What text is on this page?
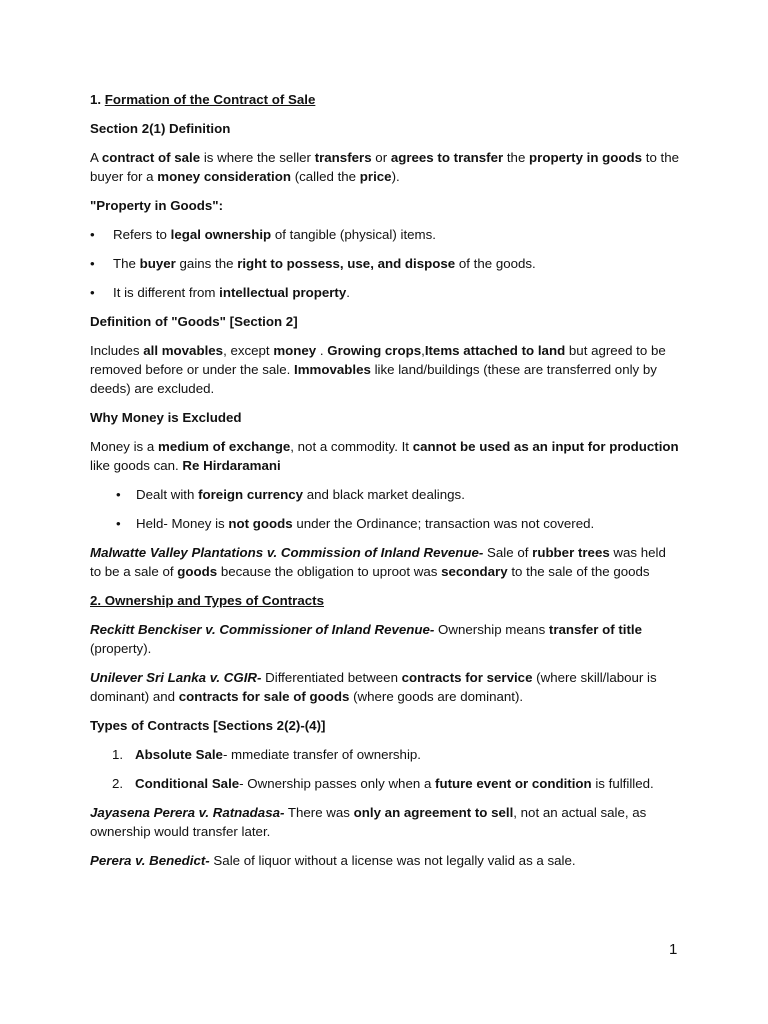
1. Formation of the Contract of Sale

Section 2(1) Definition

A contract of sale is where the seller transfers or agrees to transfer the property in goods to the buyer for a money consideration (called the price).

"Property in Goods":

• Refers to legal ownership of tangible (physical) items.
• The buyer gains the right to possess, use, and dispose of the goods.
• It is different from intellectual property.

Definition of "Goods" [Section 2]

Includes all movables, except money . Growing crops,Items attached to land but agreed to be removed before or under the sale. Immovables like land/buildings (these are transferred only by deeds) are excluded.

Why Money is Excluded

Money is a medium of exchange, not a commodity. It cannot be used as an input for production like goods can. Re Hirdaramani

• Dealt with foreign currency and black market dealings.
• Held- Money is not goods under the Ordinance; transaction was not covered.

Malwatte Valley Plantations v. Commission of Inland Revenue- Sale of rubber trees was held to be a sale of goods because the obligation to uproot was secondary to the sale of the goods

2. Ownership and Types of Contracts

Reckitt Benckiser v. Commissioner of Inland Revenue- Ownership means transfer of title (property).

Unilever Sri Lanka v. CGIR- Differentiated between contracts for service (where skill/labour is dominant) and contracts for sale of goods (where goods are dominant).

Types of Contracts [Sections 2(2)-(4)]

1. Absolute Sale- mmediate transfer of ownership.
2. Conditional Sale- Ownership passes only when a future event or condition is fulfilled.

Jayasena Perera v. Ratnadasa- There was only an agreement to sell, not an actual sale, as ownership would transfer later.

Perera v. Benedict- Sale of liquor without a license was not legally valid as a sale.

1
